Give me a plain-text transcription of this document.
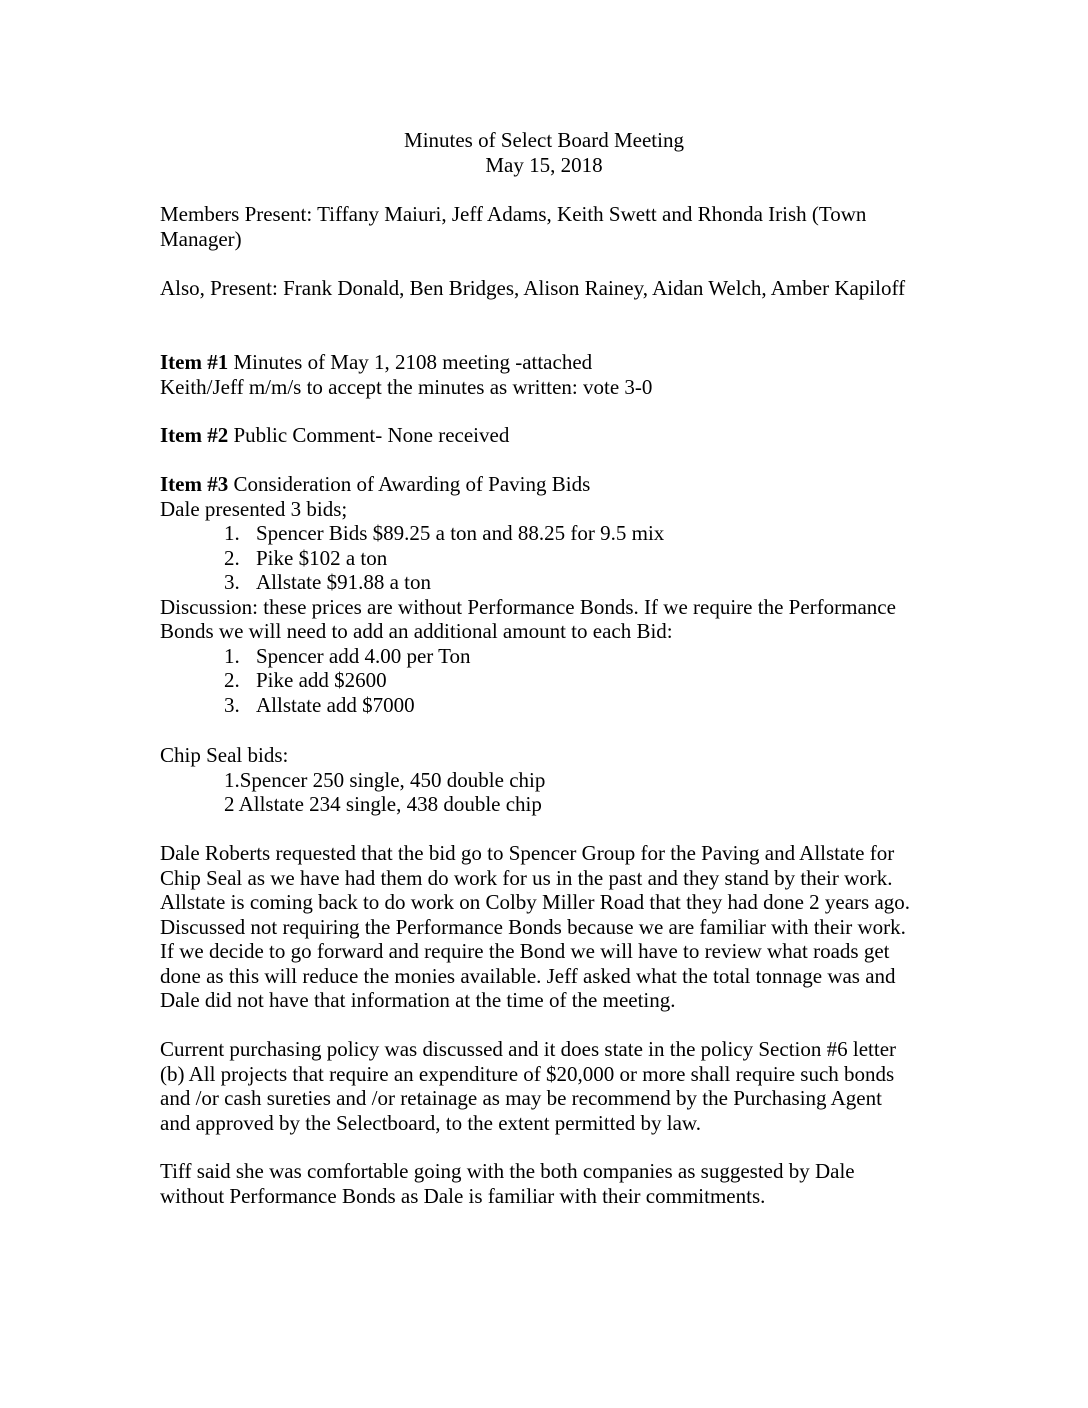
Minutes of Select Board Meeting
May 15, 2018

Members Present: Tiffany Maiuri, Jeff Adams, Keith Swett and Rhonda Irish (Town

Manager)

Also, Present: Frank Donald, Ben Bridges, Alison Rainey, Aidan Welch, Amber Kapiloff

Item #1 Minutes of May 1, 2108 meeting -attached

Keith/Jeff m/m/s to accept the minutes as written: vote 3-0

Item #2 Public Comment- None received

Item #3 Consideration of Awarding of Paving Bids

Dale presented 3 bids;

1. Spencer Bids $89.25 a ton and 88.25 for 9.5 mix
2. Pike $102 a ton
3. Allstate $91.88 a ton

Discussion: these prices are without Performance Bonds. If we require the Performance

Bonds we will need to add an additional amount to each Bid:

1. Spencer add 4.00 per Ton
2. Pike add $2600
3. Allstate add $7000

Chip Seal bids:

1.Spencer 250 single, 450 double chip

2 Allstate 234 single, 438 double chip

Dale Roberts requested that the bid go to Spencer Group for the Paving and Allstate for

Chip Seal as we have had them do work for us in the past and they stand by their work.

Allstate is coming back to do work on Colby Miller Road that they had done 2 years ago.

Discussed not requiring the Performance Bonds because we are familiar with their work.

If we decide to go forward and require the Bond we will have to review what roads get

done as this will reduce the monies available. Jeff asked what the total tonnage was and

Dale did not have that information at the time of the meeting.

Current purchasing policy was discussed and it does state in the policy Section #6 letter

(b) All projects that require an expenditure of $20,000 or more shall require such bonds

and /or cash sureties and /or retainage as may be recommend by the Purchasing Agent

and approved by the Selectboard, to the extent permitted by law.

Tiff said she was comfortable going with the both companies as suggested by Dale

without Performance Bonds as Dale is familiar with their commitments.
